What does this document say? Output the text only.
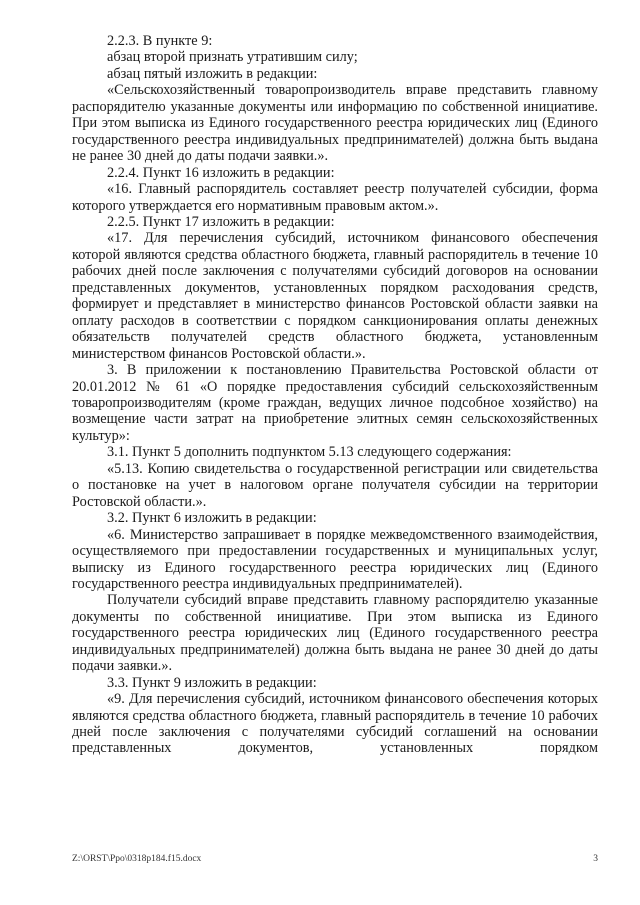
2.2.3. В пункте 9:

абзац второй признать утратившим силу;

абзац пятый изложить в редакции:

«Сельскохозяйственный товаропроизводитель вправе представить главному распорядителю указанные документы или информацию по собственной инициативе. При этом выписка из Единого государственного реестра юридических лиц (Единого государственного реестра индивидуальных предпринимателей) должна быть выдана не ранее 30 дней до даты подачи заявки.».

2.2.4. Пункт 16 изложить в редакции:

«16. Главный распорядитель составляет реестр получателей субсидии, форма которого утверждается его нормативным правовым актом.».

2.2.5. Пункт 17 изложить в редакции:

«17. Для перечисления субсидий, источником финансового обеспечения которой являются средства областного бюджета, главный распорядитель в течение 10 рабочих дней после заключения с получателями субсидий договоров на основании представленных документов, установленных порядком расходования средств, формирует и представляет в министерство финансов Ростовской области заявки на оплату расходов в соответствии с порядком санкционирования оплаты денежных обязательств получателей средств областного бюджета, установленным министерством финансов Ростовской области.».

3. В приложении к постановлению Правительства Ростовской области от 20.01.2012 № 61 «О порядке предоставления субсидий сельскохозяйственным товаропроизводителям (кроме граждан, ведущих личное подсобное хозяйство) на возмещение части затрат на приобретение элитных семян сельскохозяйственных культур»:

3.1. Пункт 5 дополнить подпунктом 5.13 следующего содержания:

«5.13. Копию свидетельства о государственной регистрации или свидетельства о постановке на учет в налоговом органе получателя субсидии на территории Ростовской области.».

3.2. Пункт 6 изложить в редакции:

«6. Министерство запрашивает в порядке межведомственного взаимодействия, осуществляемого при предоставлении государственных и муниципальных услуг, выписку из Единого государственного реестра юридических лиц (Единого государственного реестра индивидуальных предпринимателей).

Получатели субсидий вправе представить главному распорядителю указанные документы по собственной инициативе. При этом выписка из Единого государственного реестра юридических лиц (Единого государственного реестра индивидуальных предпринимателей) должна быть выдана не ранее 30 дней до даты подачи заявки.».

3.3. Пункт 9 изложить в редакции:

«9. Для перечисления субсидий, источником финансового обеспечения которых являются средства областного бюджета, главный распорядитель в течение 10 рабочих дней после заключения с получателями субсидий соглашений на основании представленных документов, установленных порядком

Z:\ORST\Ppo\0318p184.f15.docx	3
